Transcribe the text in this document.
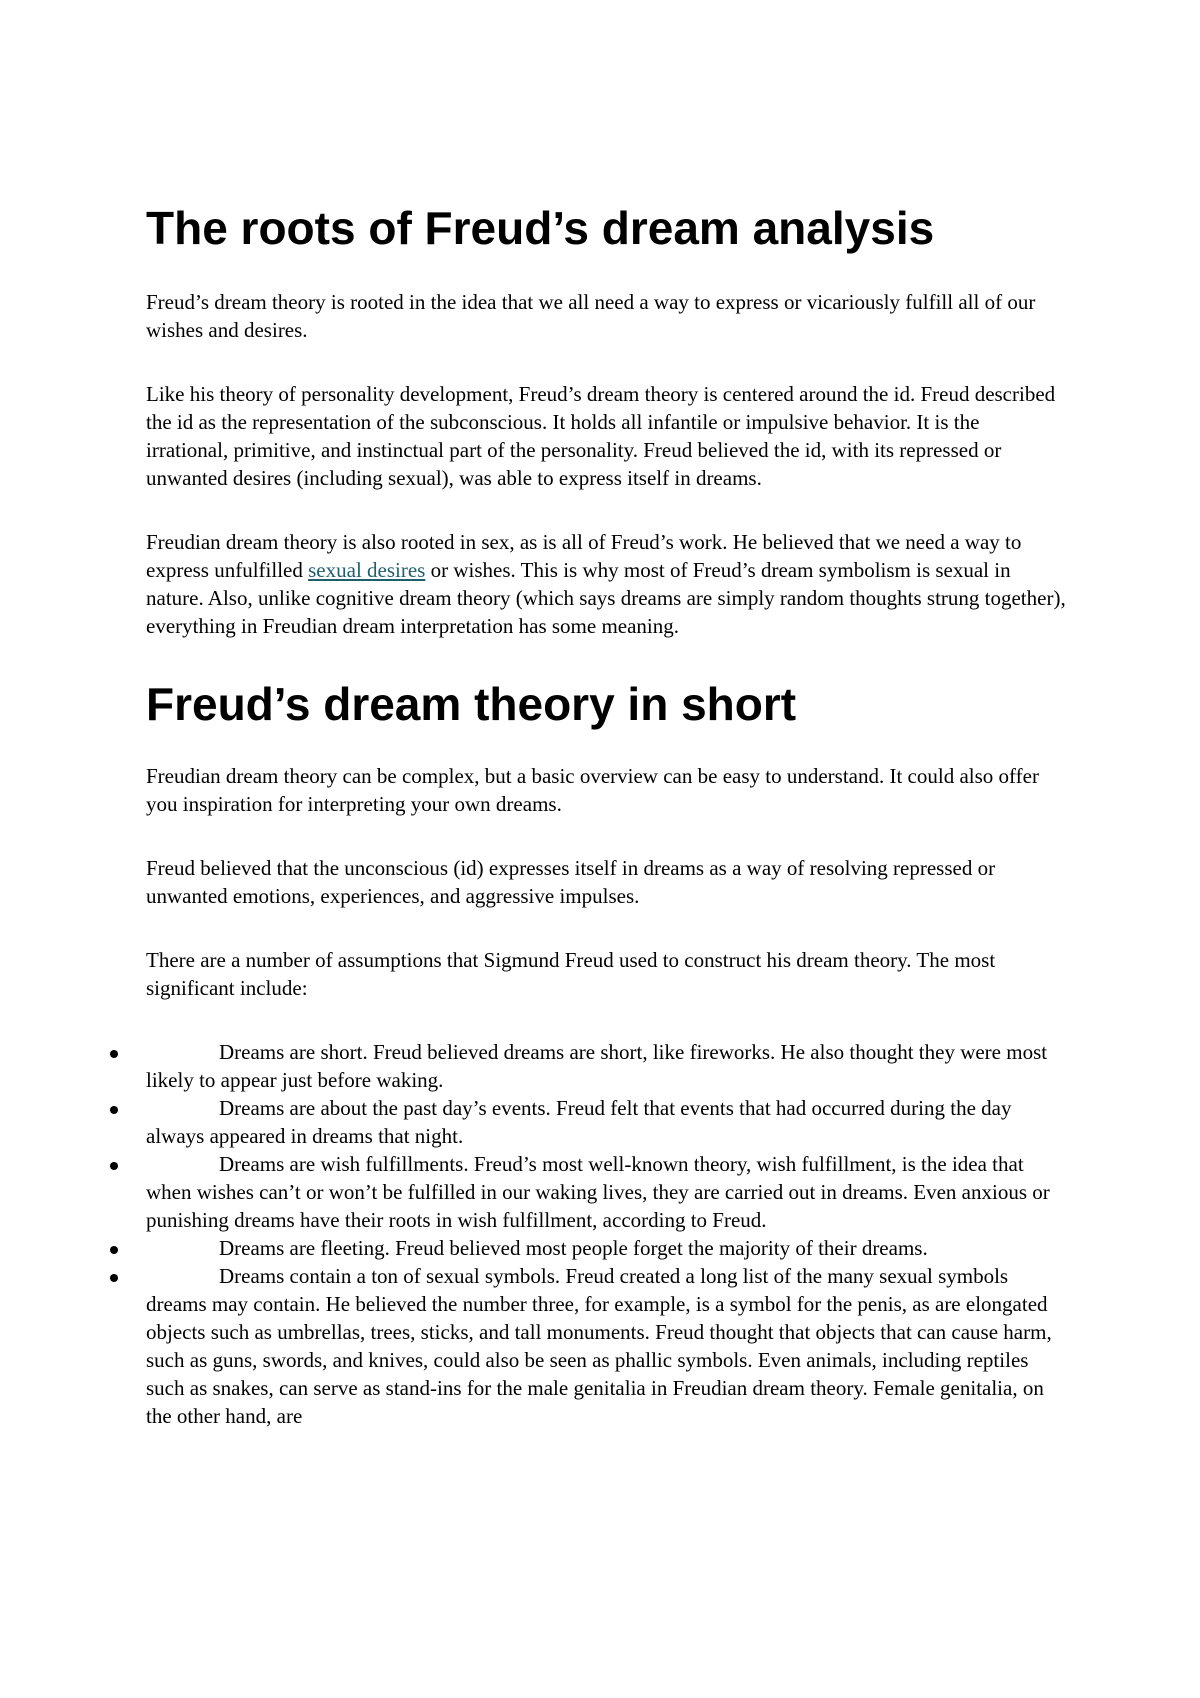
The roots of Freud’s dream analysis

Freud’s dream theory is rooted in the idea that we all need a way to express or vicariously fulfill all of our wishes and desires.

Like his theory of personality development, Freud’s dream theory is centered around the id. Freud described the id as the representation of the subconscious. It holds all infantile or impulsive behavior. It is the irrational, primitive, and instinctual part of the personality. Freud believed the id, with its repressed or unwanted desires (including sexual), was able to express itself in dreams.

Freudian dream theory is also rooted in sex, as is all of Freud’s work. He believed that we need a way to express unfulfilled sexual desires or wishes. This is why most of Freud’s dream symbolism is sexual in nature. Also, unlike cognitive dream theory (which says dreams are simply random thoughts strung together), everything in Freudian dream interpretation has some meaning.

Freud’s dream theory in short

Freudian dream theory can be complex, but a basic overview can be easy to understand. It could also offer you inspiration for interpreting your own dreams.

Freud believed that the unconscious (id) expresses itself in dreams as a way of resolving repressed or unwanted emotions, experiences, and aggressive impulses.

There are a number of assumptions that Sigmund Freud used to construct his dream theory. The most significant include:

Dreams are short. Freud believed dreams are short, like fireworks. He also thought they were most likely to appear just before waking.
Dreams are about the past day’s events. Freud felt that events that had occurred during the day always appeared in dreams that night.
Dreams are wish fulfillments. Freud’s most well-known theory, wish fulfillment, is the idea that when wishes can’t or won’t be fulfilled in our waking lives, they are carried out in dreams. Even anxious or punishing dreams have their roots in wish fulfillment, according to Freud.
Dreams are fleeting. Freud believed most people forget the majority of their dreams.
Dreams contain a ton of sexual symbols. Freud created a long list of the many sexual symbols dreams may contain. He believed the number three, for example, is a symbol for the penis, as are elongated objects such as umbrellas, trees, sticks, and tall monuments. Freud thought that objects that can cause harm, such as guns, swords, and knives, could also be seen as phallic symbols. Even animals, including reptiles such as snakes, can serve as stand-ins for the male genitalia in Freudian dream theory. Female genitalia, on the other hand, are
